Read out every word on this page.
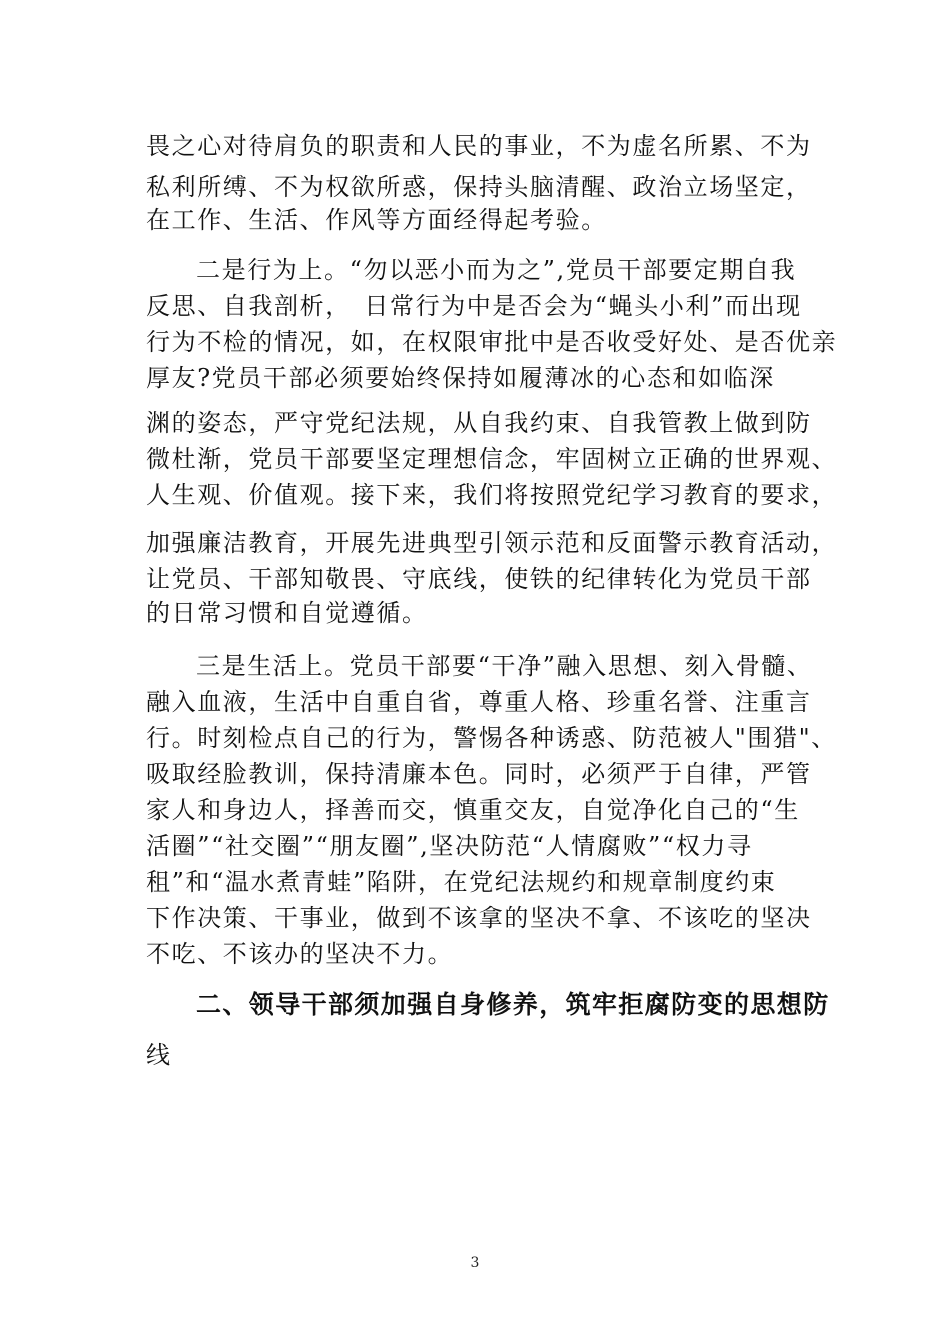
畏之心对待肩负的职责和人民的事业，不为虚名所累、不为
私利所缚、不为权欲所惑，保持头脑清醒、政治立场坚定，
在工作、生活、作风等方面经得起考验。
二是行为上。“勿以恶小而为之”,党员干部要定期自我
反思、自我剖析，　日常行为中是否会为“蝇头小利”而出现
行为不检的情况，如，在权限审批中是否收受好处、是否优亲
厚友?党员干部必须要始终保持如履薄冰的心态和如临深
渊的姿态，严守党纪法规，从自我约束、自我管教上做到防
微杜渐，党员干部要坚定理想信念，牢固树立正确的世界观、
人生观、价值观。接下来，我们将按照党纪学习教育的要求，
加强廉洁教育，开展先进典型引领示范和反面警示教育活动，
让党员、干部知敬畏、守底线，使铁的纪律转化为党员干部
的日常习惯和自觉遵循。
三是生活上。党员干部要“干净”融入思想、刻入骨髓、
融入血液，生活中自重自省，尊重人格、珍重名誉、注重言
行。时刻检点自己的行为，警惕各种诱惑、防范被人"围猎"、
吸取经脸教训，保持清廉本色。同时，必须严于自律，严管
家人和身边人，择善而交，慎重交友，自觉净化自己的“生
活圈”“社交圈”“朋友圈”,坚决防范“人情腐败”“权力寻
租”和“温水煮青蛙”陷阱，在党纪法规约和规章制度约束
下作决策、干事业，做到不该拿的坚决不拿、不该吃的坚决
不吃、不该办的坚决不力。
二、领导干部须加强自身修养，筑牢拒腐防变的思想防
线
3
